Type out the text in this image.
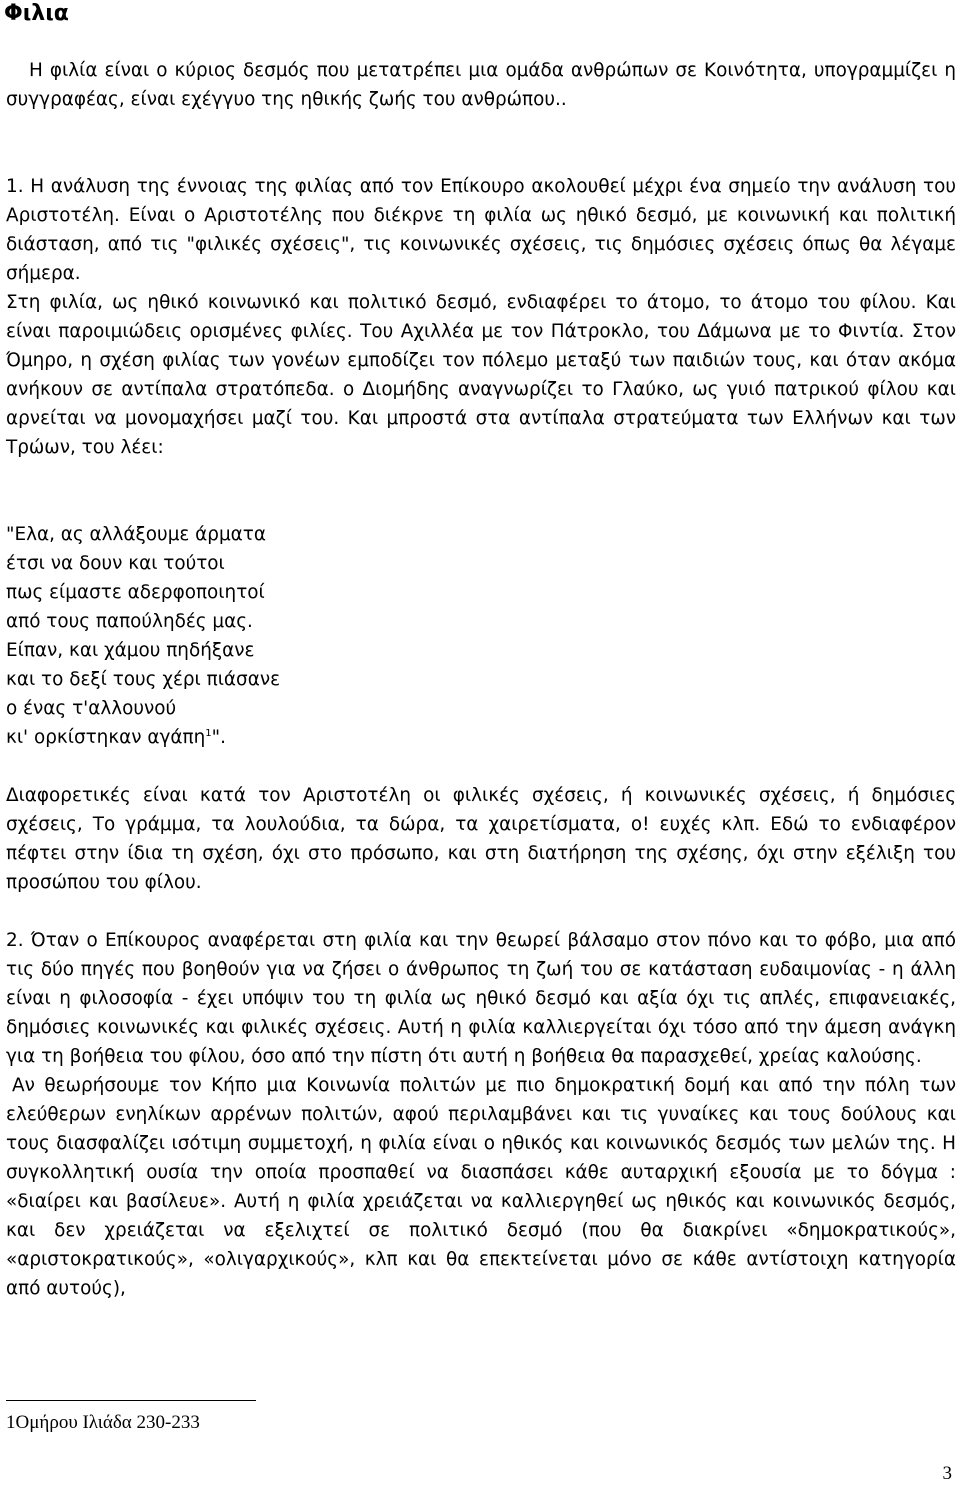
Φιλια

Η φιλία είναι ο κύριος δεσμός που μετατρέπει μια ομάδα ανθρώπων σε Κοινότητα, υπογραμμίζει η συγγραφέας, είναι εχέγγυο της ηθικής ζωής του ανθρώπου..

1. Η ανάλυση της έννοιας της φιλίας από τον Επίκουρο ακολουθεί μέχρι ένα σημείο την ανάλυση του Αριστοτέλη. Είναι ο Αριστοτέλης που διέκρνε τη φιλία ως ηθικό δεσμό, με κοινωνική και πολιτική διάσταση, από τις "φιλικές σχέσεις", τις κοινωνικές σχέσεις, τις δημόσιες σχέσεις όπως θα λέγαμε σήμερα.

Στη φιλία, ως ηθικό κοινωνικό και πολιτικό δεσμό, ενδιαφέρει το άτομο, το άτομο του φίλου. Και είναι παροιμιώδεις ορισμένες φιλίες. Του Αχιλλέα με τον Πάτροκλο, του Δάμωνα με το Φιντία. Στον Όμηρο, η σχέση φιλίας των γονέων εμποδίζει τον πόλεμο μεταξύ των παιδιών τους, και όταν ακόμα ανήκουν σε αντίπαλα στρατόπεδα. ο Διομήδης αναγνωρίζει το Γλαύκο, ως γυιό πατρικού φίλου και αρνείται να μονομαχήσει μαζί του. Και μπροστά στα αντίπαλα στρατεύματα των Ελλήνων και των Τρώων, του λέει:

"Ελα, ας αλλάξουμε άρματα
έτσι να δουν και τούτοι
πως είμαστε αδερφοποιητοί
από τους παπούληδές μας.
Είπαν, και χάμου πηδήξανε
και το δεξί τους χέρι πιάσανε
ο ένας τ'αλλουνού
κι' ορκίστηκαν αγάπη$^1$".

Διαφορετικές είναι κατά τον Αριστοτέλη οι φιλικές σχέσεις, ή κοινωνικές σχέσεις, ή δημόσιες σχέσεις, Το γράμμα, τα λουλούδια, τα δώρα, τα χαιρετίσματα, ο! ευχές κλπ. Εδώ το ενδιαφέρον πέφτει στην ίδια τη σχέση, όχι στο πρόσωπο, και στη διατήρηση της σχέσης, όχι στην εξέλιξη του προσώπου του φίλου.

2. Όταν ο Επίκουρος αναφέρεται στη φιλία και την θεωρεί βάλσαμο στον πόνο και το φόβο, μια από τις δύο πηγές που βοηθούν για να ζήσει ο άνθρωπος τη ζωή του σε κατάσταση ευδαιμονίας - η άλλη είναι η φιλοσοφία - έχει υπόψιν του τη φιλία ως ηθικό δεσμό και αξία όχι τις απλές, επιφανειακές, δημόσιες κοινωνικές και φιλικές σχέσεις. Αυτή η φιλία καλλιεργείται όχι τόσο από την άμεση ανάγκη για τη βοήθεια του φίλου, όσο από την πίστη ότι αυτή η βοήθεια θα παρασχεθεί, χρείας καλούσης.

Αν θεωρήσουμε τον Κήπο μια Κοινωνία πολιτών με πιο δημοκρατική δομή και από την πόλη των ελεύθερων ενηλίκων αρρένων πολιτών, αφού περιλαμβάνει και τις γυναίκες και τους δούλους και τους διασφαλίζει ισότιμη συμμετοχή, η φιλία είναι ο ηθικός και κοινωνικός δεσμός των μελών της. Η συγκολλητική ουσία την οποία προσπαθεί να διασπάσει κάθε αυταρχική εξουσία με το δόγμα : «διαίρει και βασίλευε». Αυτή η φιλία χρειάζεται να καλλιεργηθεί ως ηθικός και κοινωνικός δεσμός, και δεν χρειάζεται να εξελιχτεί σε πολιτικό δεσμό (που θα διακρίνει «δημοκρατικούς», «αριστοκρατικούς», «ολιγαρχικούς», κλπ και θα επεκτείνεται μόνο σε κάθε αντίστοιχη κατηγορία από αυτούς),

1Ομήρου Ιλιάδα 230-233
3
